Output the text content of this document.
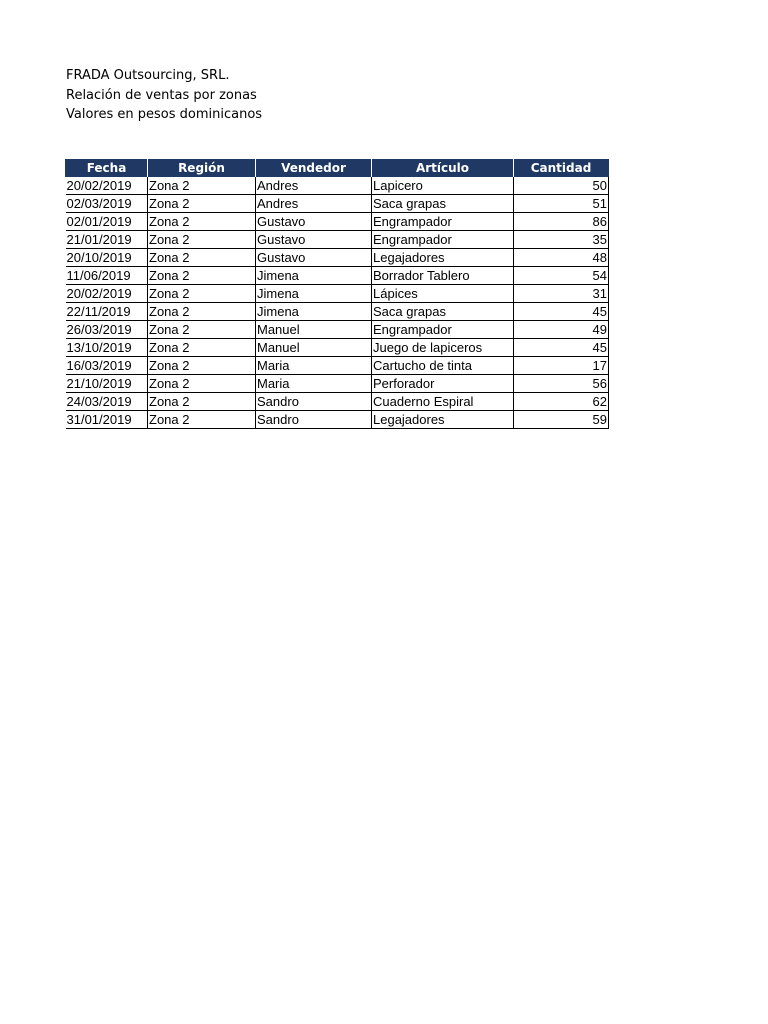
FRADA Outsourcing, SRL.
Relación de ventas por zonas
Valores en pesos dominicanos
Fecha	Región	Vendedor	Artículo	Cantidad
20/02/2019	Zona 2	Andres	Lapicero	50
02/03/2019	Zona 2	Andres	Saca grapas	51
02/01/2019	Zona 2	Gustavo	Engrampador	86
21/01/2019	Zona 2	Gustavo	Engrampador	35
20/10/2019	Zona 2	Gustavo	Legajadores	48
11/06/2019	Zona 2	Jimena	Borrador Tablero	54
20/02/2019	Zona 2	Jimena	Lápices	31
22/11/2019	Zona 2	Jimena	Saca grapas	45
26/03/2019	Zona 2	Manuel	Engrampador	49
13/10/2019	Zona 2	Manuel	Juego de lapiceros	45
16/03/2019	Zona 2	Maria	Cartucho de tinta	17
21/10/2019	Zona 2	Maria	Perforador	56
24/03/2019	Zona 2	Sandro	Cuaderno Espiral	62
31/01/2019	Zona 2	Sandro	Legajadores	59
